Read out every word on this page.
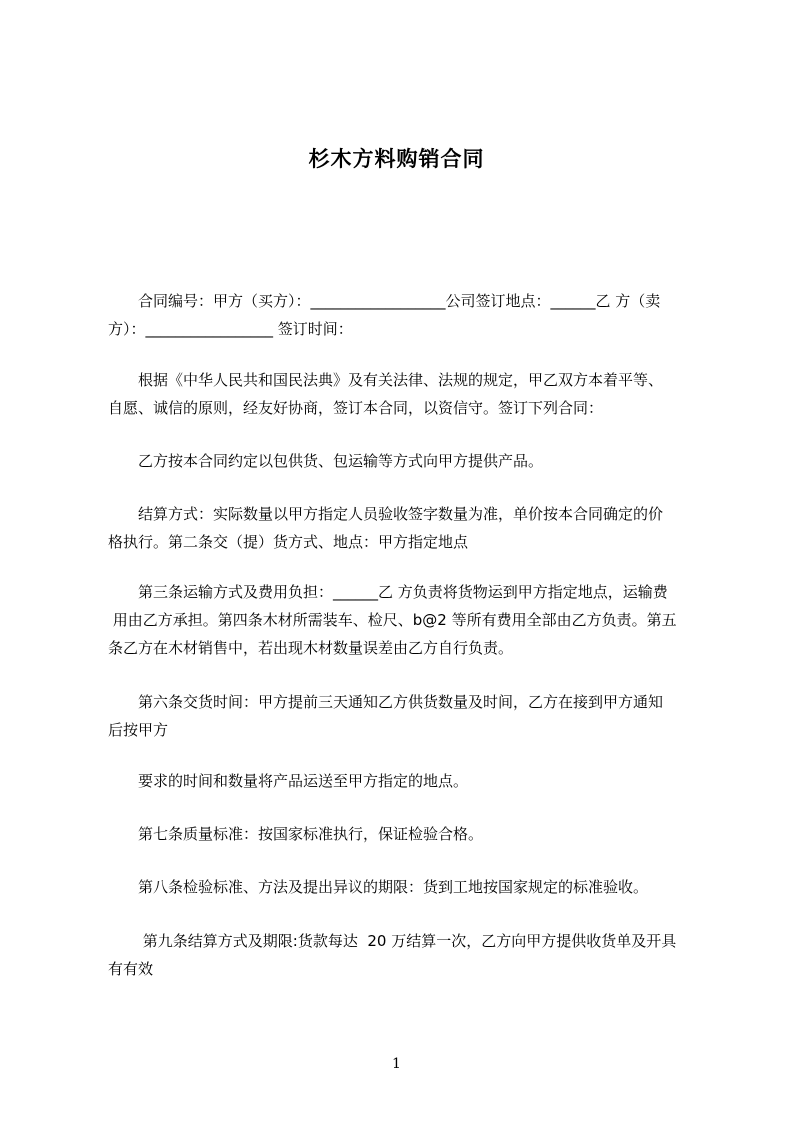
杉木方料购销合同
　　合同编号：甲方（买方）：__________________公司签订地点：______乙 方（卖
方）：_________________ 签订时间：
　　根据《中华人民共和国民法典》及有关法律、法规的规定，甲乙双方本着平等、
自愿、诚信的原则，经友好协商，签订本合同，以资信守。签订下列合同：
　　乙方按本合同约定以包供货、包运输等方式向甲方提供产品。
　　结算方式：实际数量以甲方指定人员验收签字数量为准，单价按本合同确定的价
格执行。第二条交（提）货方式、地点：甲方指定地点
　　第三条运输方式及费用负担：______乙 方负责将货物运到甲方指定地点，运输费
用由乙方承担。第四条木材所需装车、检尺、b@2 等所有费用全部由乙方负责。第五
条乙方在木材销售中，若出现木材数量误差由乙方自行负责。
　　第六条交货时间：甲方提前三天通知乙方供货数量及时间，乙方在接到甲方通知
后按甲方
　　要求的时间和数量将产品运送至甲方指定的地点。
　　第七条质量标准：按国家标准执行，保证检验合格。
　　第八条检验标准、方法及提出异议的期限：货到工地按国家规定的标准验收。
　　 第九条结算方式及期限:货款每达  20 万结算一次，乙方向甲方提供收货单及开具
有有效
1
